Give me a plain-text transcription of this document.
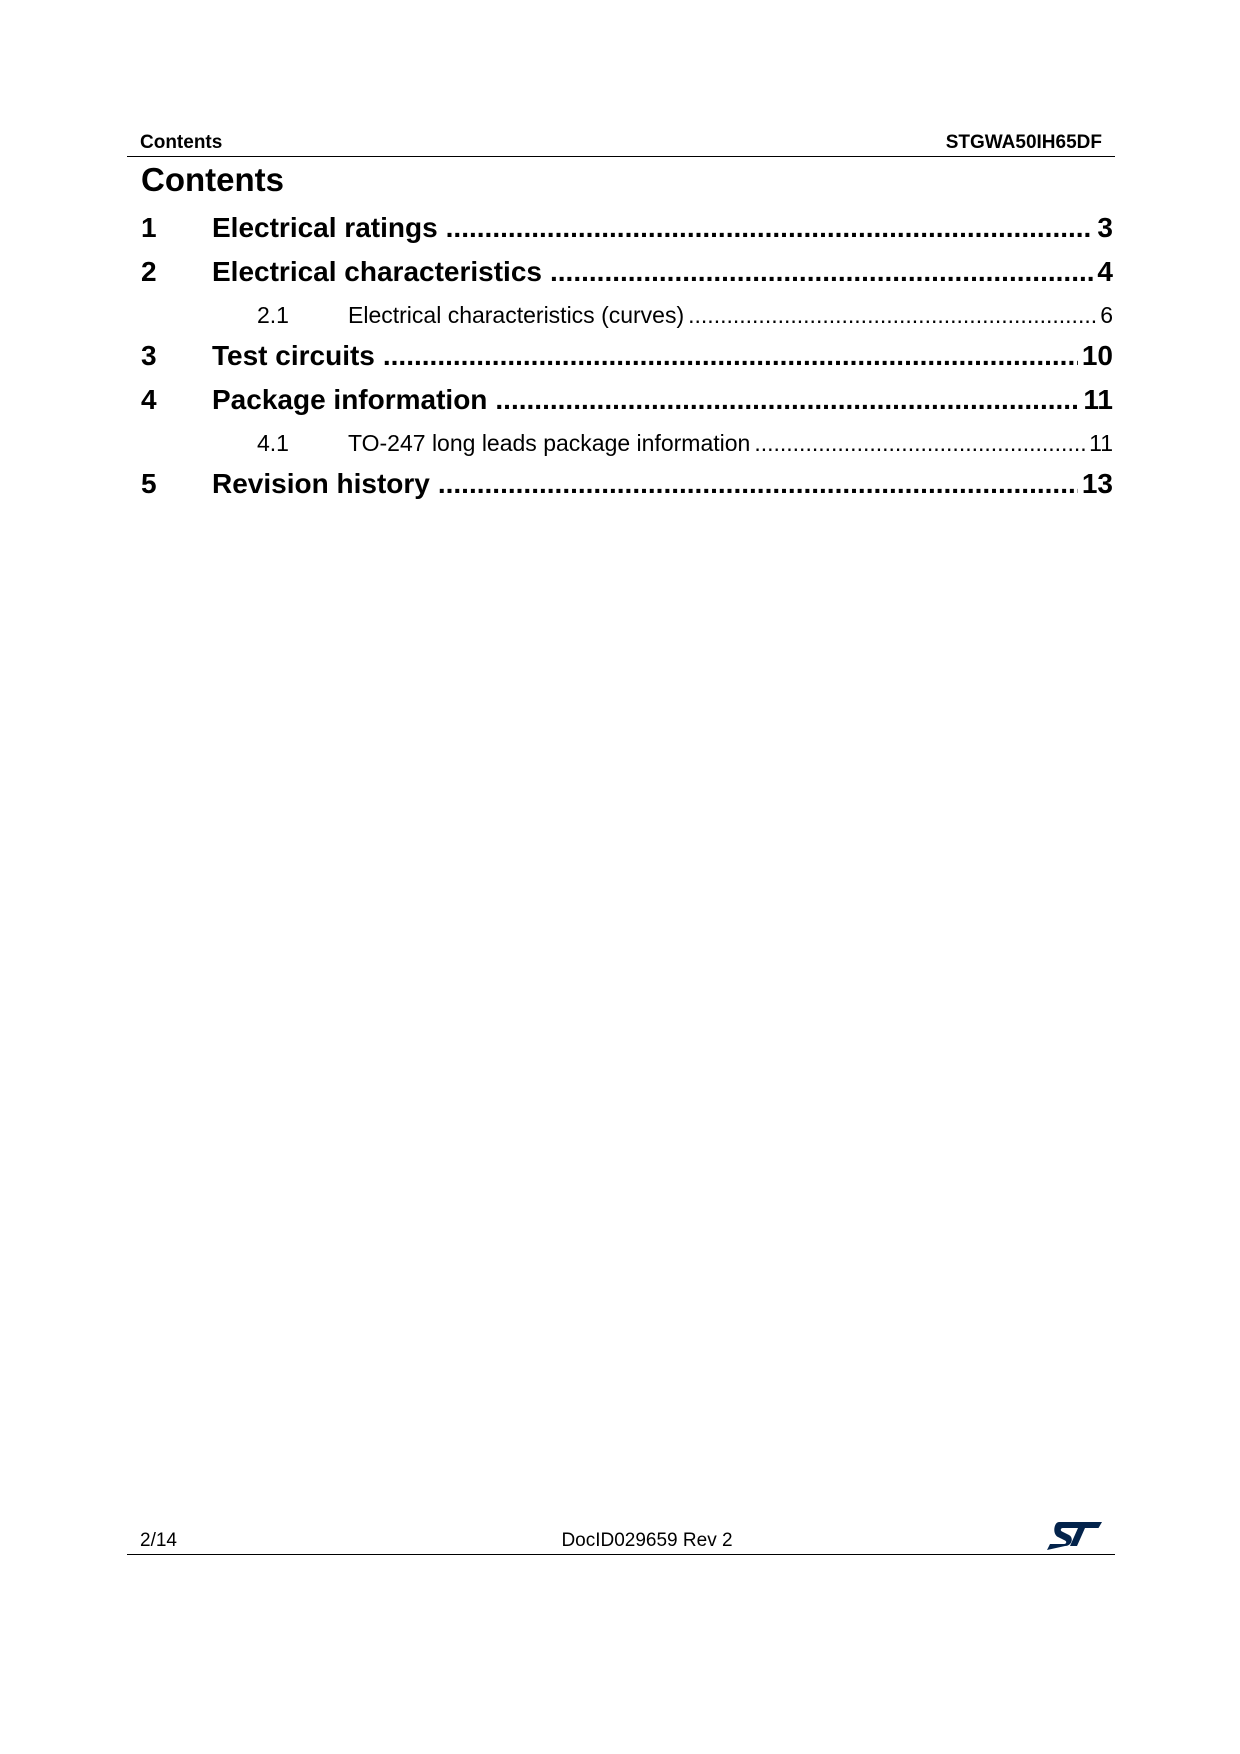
Contents	STGWA50IH65DF
Contents
1	Electrical ratings .....	3
2	Electrical characteristics .....	4
2.1	Electrical characteristics (curves) .....	6
3	Test circuits .....	10
4	Package information .....	11
4.1	TO-247 long leads package information .....	11
5	Revision history .....	13
2/14	DocID029659 Rev 2
